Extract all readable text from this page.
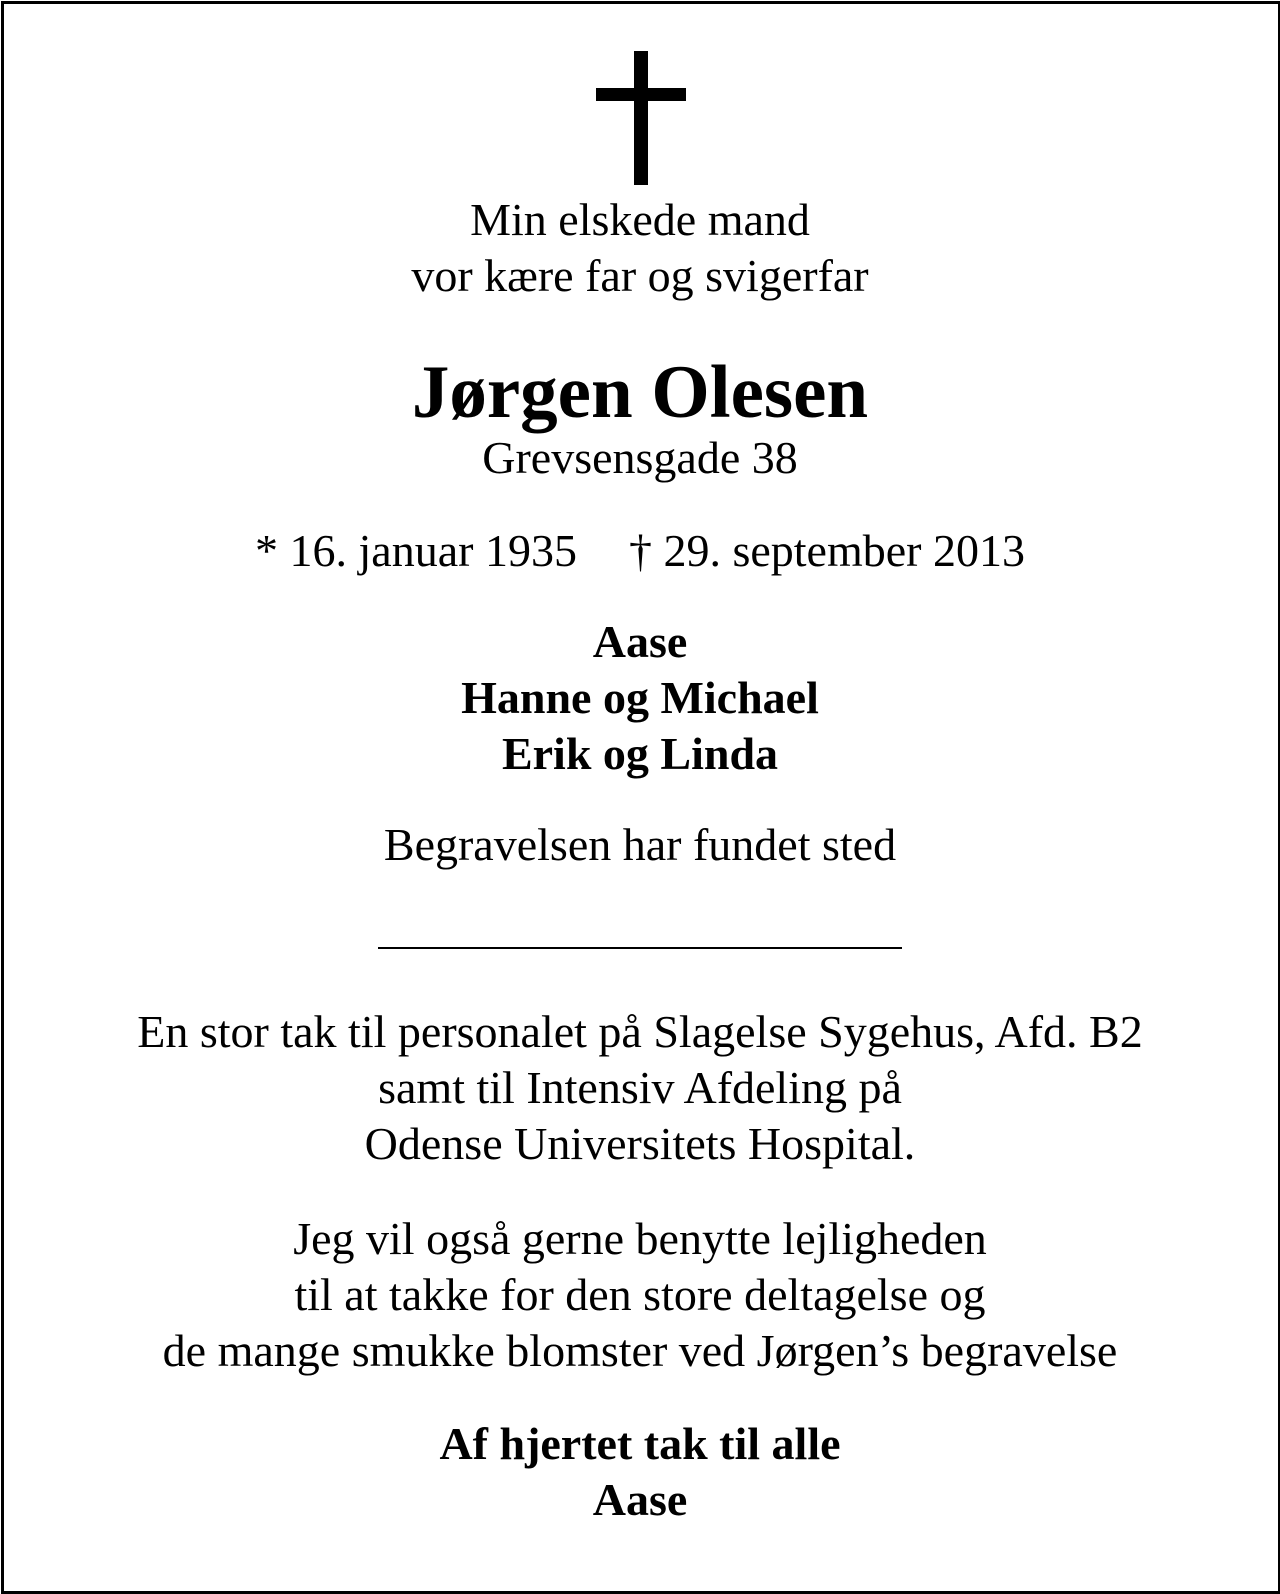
Min elskede mand
vor kære far og svigerfar
Jørgen Olesen
Grevsensgade 38
* 16. januar 1935 † 29. september 2013
Aase
Hanne og Michael
Erik og Linda
Begravelsen har fundet sted
En stor tak til personalet på Slagelse Sygehus, Afd. B2
samt til Intensiv Afdeling på
Odense Universitets Hospital.
Jeg vil også gerne benytte lejligheden
til at takke for den store deltagelse og
de mange smukke blomster ved Jørgen’s begravelse
Af hjertet tak til alle
Aase
